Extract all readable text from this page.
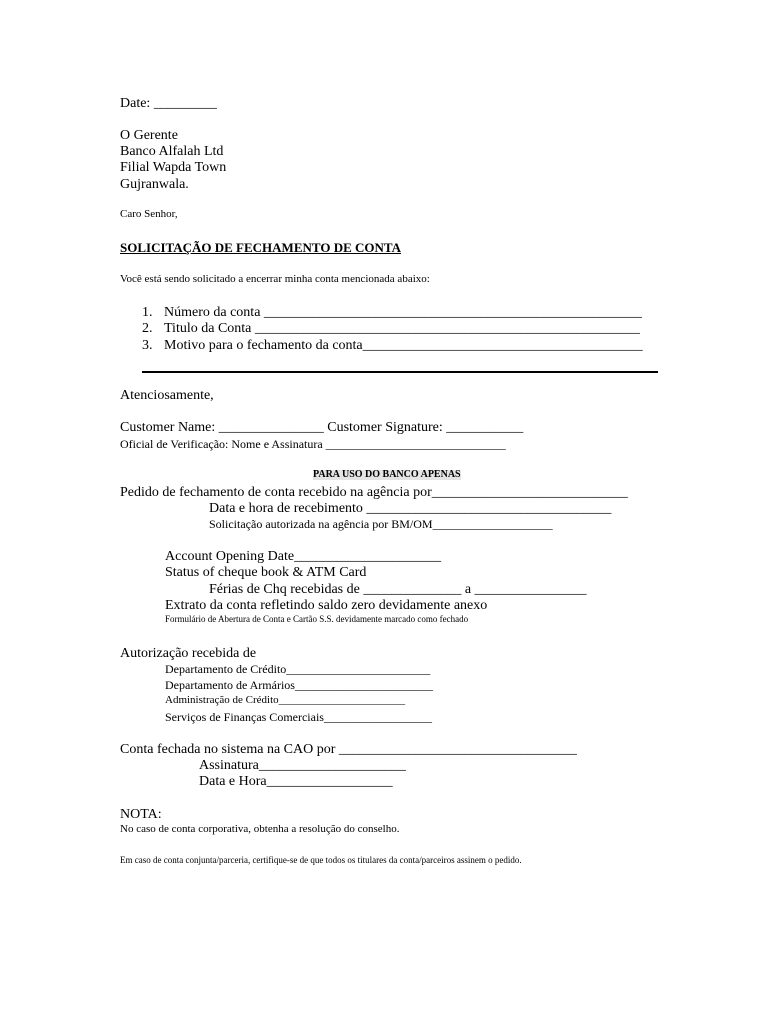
Date: _________
O Gerente
Banco Alfalah Ltd
Filial Wapda Town
Gujranwala.
Caro Senhor,
SOLICITAÇÃO DE FECHAMENTO DE CONTA
Você está sendo solicitado a encerrar minha conta mencionada abaixo:
1. Número da conta ______________________________________________________
2. Titulo da Conta _______________________________________________________
3. Motivo para o fechamento da conta________________________________________
Atenciosamente,
Customer Name: _______________ Customer Signature: ___________
Oficial de Verificação: Nome e Assinatura ______________________________
PARA USO DO BANCO APENAS
Pedido de fechamento de conta recebido na agência por____________________________
Data e hora de recebimento ___________________________________
Solicitação autorizada na agência por BM/OM____________________
Account Opening Date_____________________
Status of cheque book & ATM Card
Férias de Chq recebidas de ______________ a ________________
Extrato da conta refletindo saldo zero devidamente anexo
Formulário de Abertura de Conta e Cartão S.S. devidamente marcado como fechado
Autorização recebida de
Departamento de Crédito________________________
Departamento de Armários_______________________
Administração de Crédito_______________________
Serviços de Finanças Comerciais__________________
Conta fechada no sistema na CAO por __________________________________
Assinatura_____________________
Data e Hora__________________
NOTA:
No caso de conta corporativa, obtenha a resolução do conselho.
Em caso de conta conjunta/parceria, certifique-se de que todos os titulares da conta/parceiros assinem o pedido.
